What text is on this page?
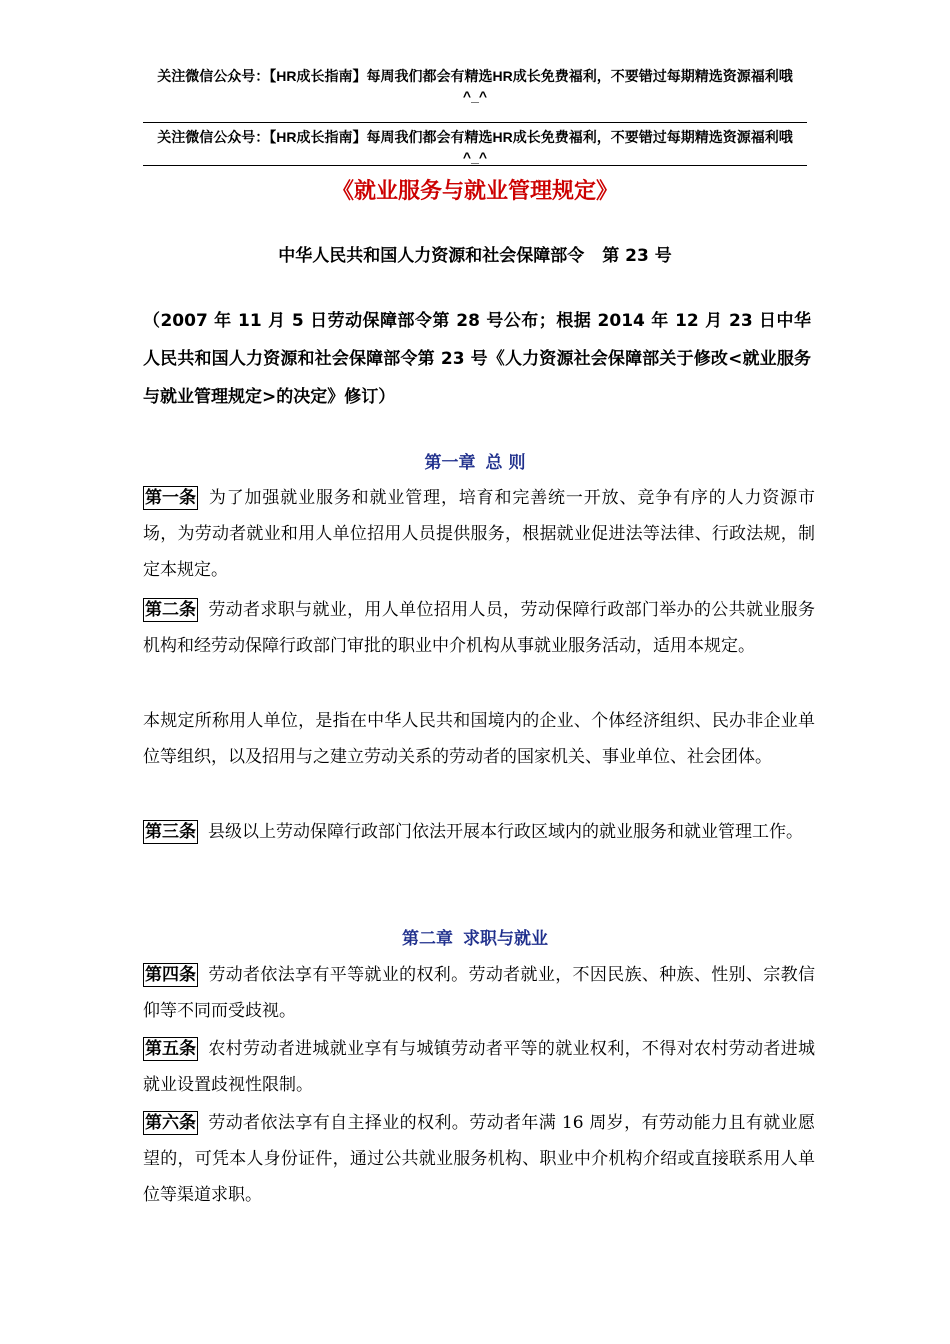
关注微信公众号：【HR成长指南】每周我们都会有精选HR成长免费福利，不要错过每期精选资源福利哦
^_^
关注微信公众号：【HR成长指南】每周我们都会有精选HR成长免费福利，不要错过每期精选资源福利哦
^_^
《就业服务与就业管理规定》
中华人民共和国人力资源和社会保障部令 第 23 号
（2007 年 11 月 5 日劳动保障部令第 28 号公布；根据 2014 年 12 月 23 日中华人民共和国人力资源和社会保障部令第 23 号《人力资源社会保障部关于修改<就业服务与就业管理规定>的决定》修订）
第一章 总 则
第一条 为了加强就业服务和就业管理，培育和完善统一开放、竞争有序的人力资源市场，为劳动者就业和用人单位招用人员提供服务，根据就业促进法等法律、行政法规，制定本规定。
第二条 劳动者求职与就业，用人单位招用人员，劳动保障行政部门举办的公共就业服务机构和经劳动保障行政部门审批的职业中介机构从事就业服务活动，适用本规定。
本规定所称用人单位，是指在中华人民共和国境内的企业、个体经济组织、民办非企业单位等组织，以及招用与之建立劳动关系的劳动者的国家机关、事业单位、社会团体。
第三条 县级以上劳动保障行政部门依法开展本行政区域内的就业服务和就业管理工作。
第二章 求职与就业
第四条 劳动者依法享有平等就业的权利。劳动者就业，不因民族、种族、性别、宗教信仰等不同而受歧视。
第五条 农村劳动者进城就业享有与城镇劳动者平等的就业权利，不得对农村劳动者进城就业设置歧视性限制。
第六条 劳动者依法享有自主择业的权利。劳动者年满 16 周岁，有劳动能力且有就业愿望的，可凭本人身份证件，通过公共就业服务机构、职业中介机构介绍或直接联系用人单位等渠道求职。
